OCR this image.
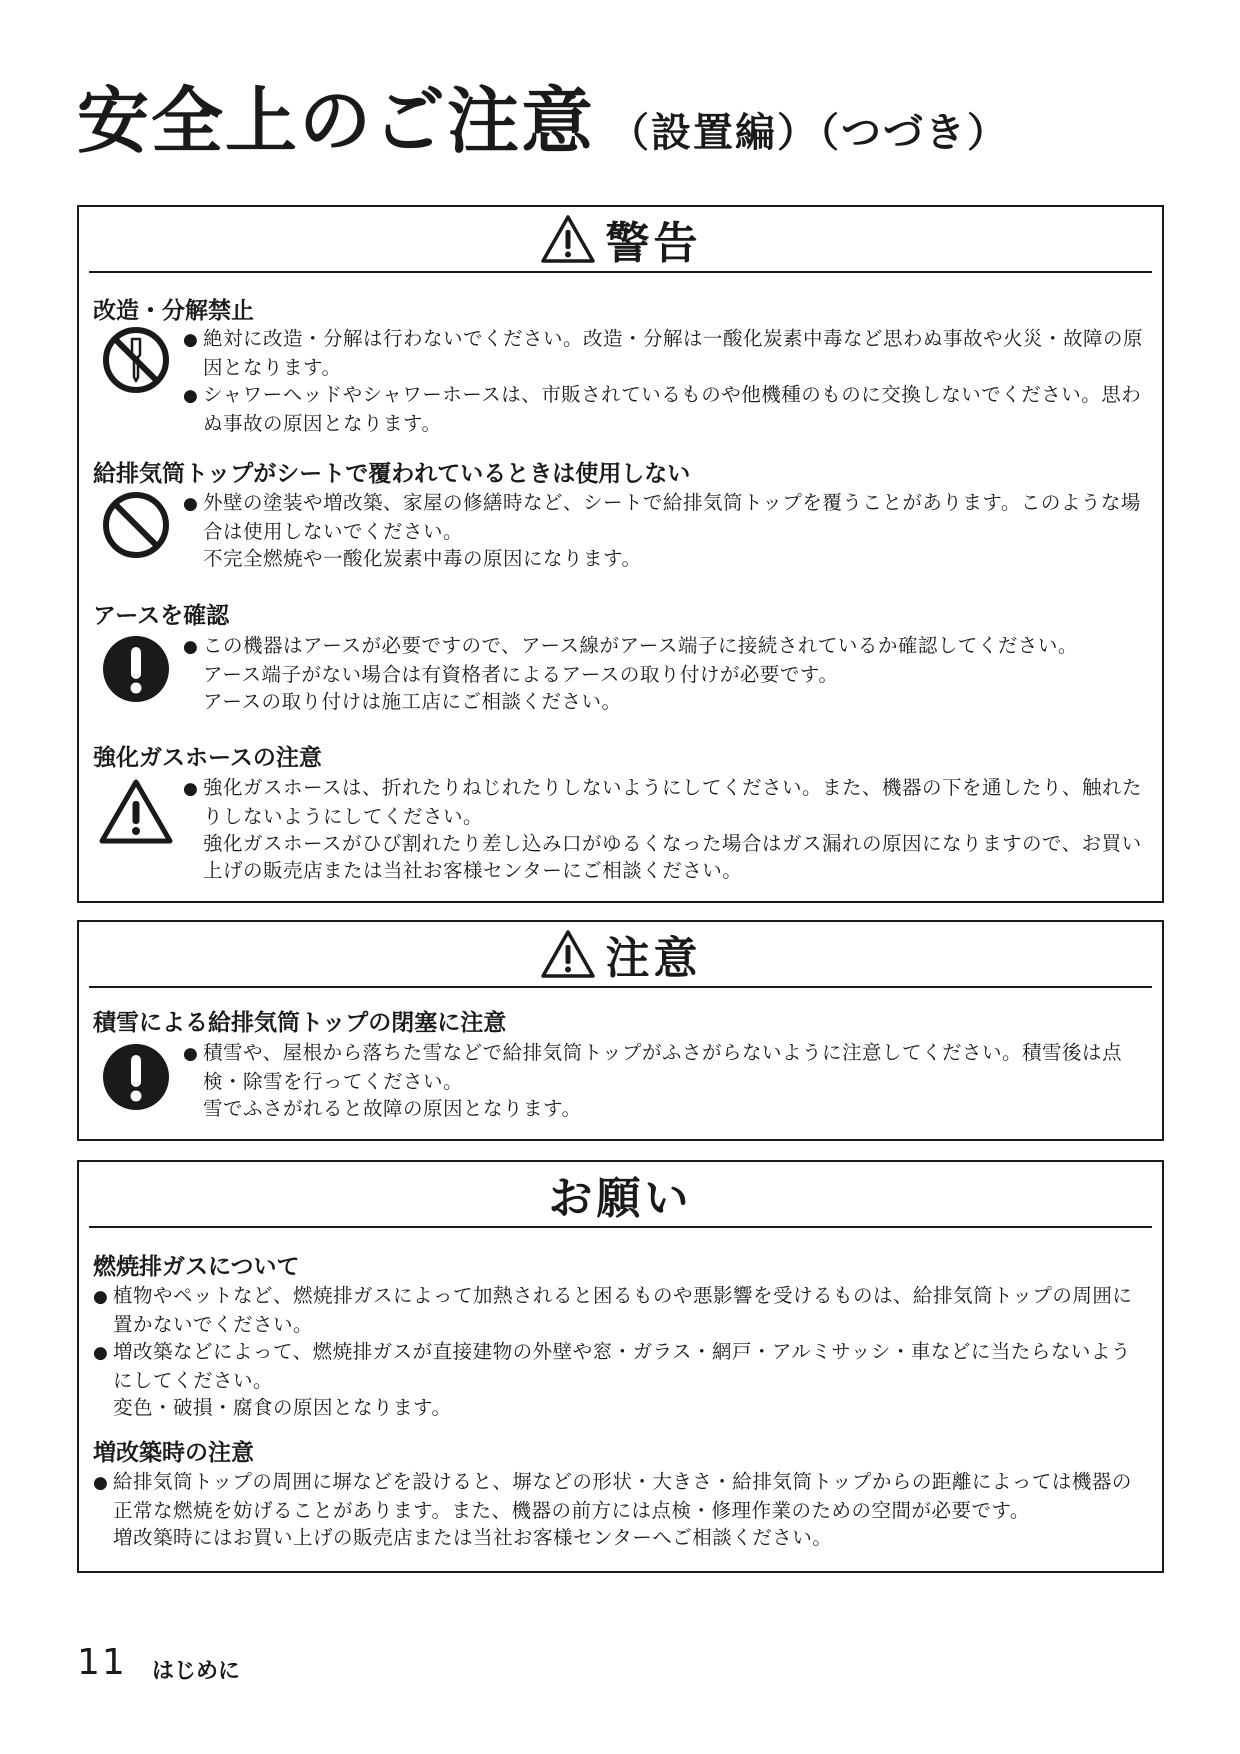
安全上のご注意 （設置編）（つづき）
警告
改造・分解禁止
● 絶対に改造・分解は行わないでください。改造・分解は一酸化炭素中毒など思わぬ事故や火災・故障の原因となります。
● シャワーヘッドやシャワーホースは、市販されているものや他機種のものに交換しないでください。思わぬ事故の原因となります。
給排気筒トップがシートで覆われているときは使用しない
● 外壁の塗装や増改築、家屋の修繕時など、シートで給排気筒トップを覆うことがあります。このような場合は使用しないでください。
不完全燃焼や一酸化炭素中毒の原因になります。
アースを確認
● この機器はアースが必要ですので、アース線がアース端子に接続されているか確認してください。
アース端子がない場合は有資格者によるアースの取り付けが必要です。
アースの取り付けは施工店にご相談ください。
強化ガスホースの注意
● 強化ガスホースは、折れたりねじれたりしないようにしてください。また、機器の下を通したり、触れたりしないようにしてください。
強化ガスホースがひび割れたり差し込み口がゆるくなった場合はガス漏れの原因になりますので、お買い上げの販売店または当社お客様センターにご相談ください。
注意
積雪による給排気筒トップの閉塞に注意
● 積雪や、屋根から落ちた雪などで給排気筒トップがふさがらないように注意してください。積雪後は点検・除雪を行ってください。
雪でふさがれると故障の原因となります。
お願い
燃焼排ガスについて
● 植物やペットなど、燃焼排ガスによって加熱されると困るものや悪影響を受けるものは、給排気筒トップの周囲に置かないでください。
● 増改築などによって、燃焼排ガスが直接建物の外壁や窓・ガラス・網戸・アルミサッシ・車などに当たらないようにしてください。
変色・破損・腐食の原因となります。
増改築時の注意
● 給排気筒トップの周囲に塀などを設けると、塀などの形状・大きさ・給排気筒トップからの距離によっては機器の正常な燃焼を妨げることがあります。また、機器の前方には点検・修理作業のための空間が必要です。
増改築時にはお買い上げの販売店または当社お客様センターへご相談ください。
11 はじめに
